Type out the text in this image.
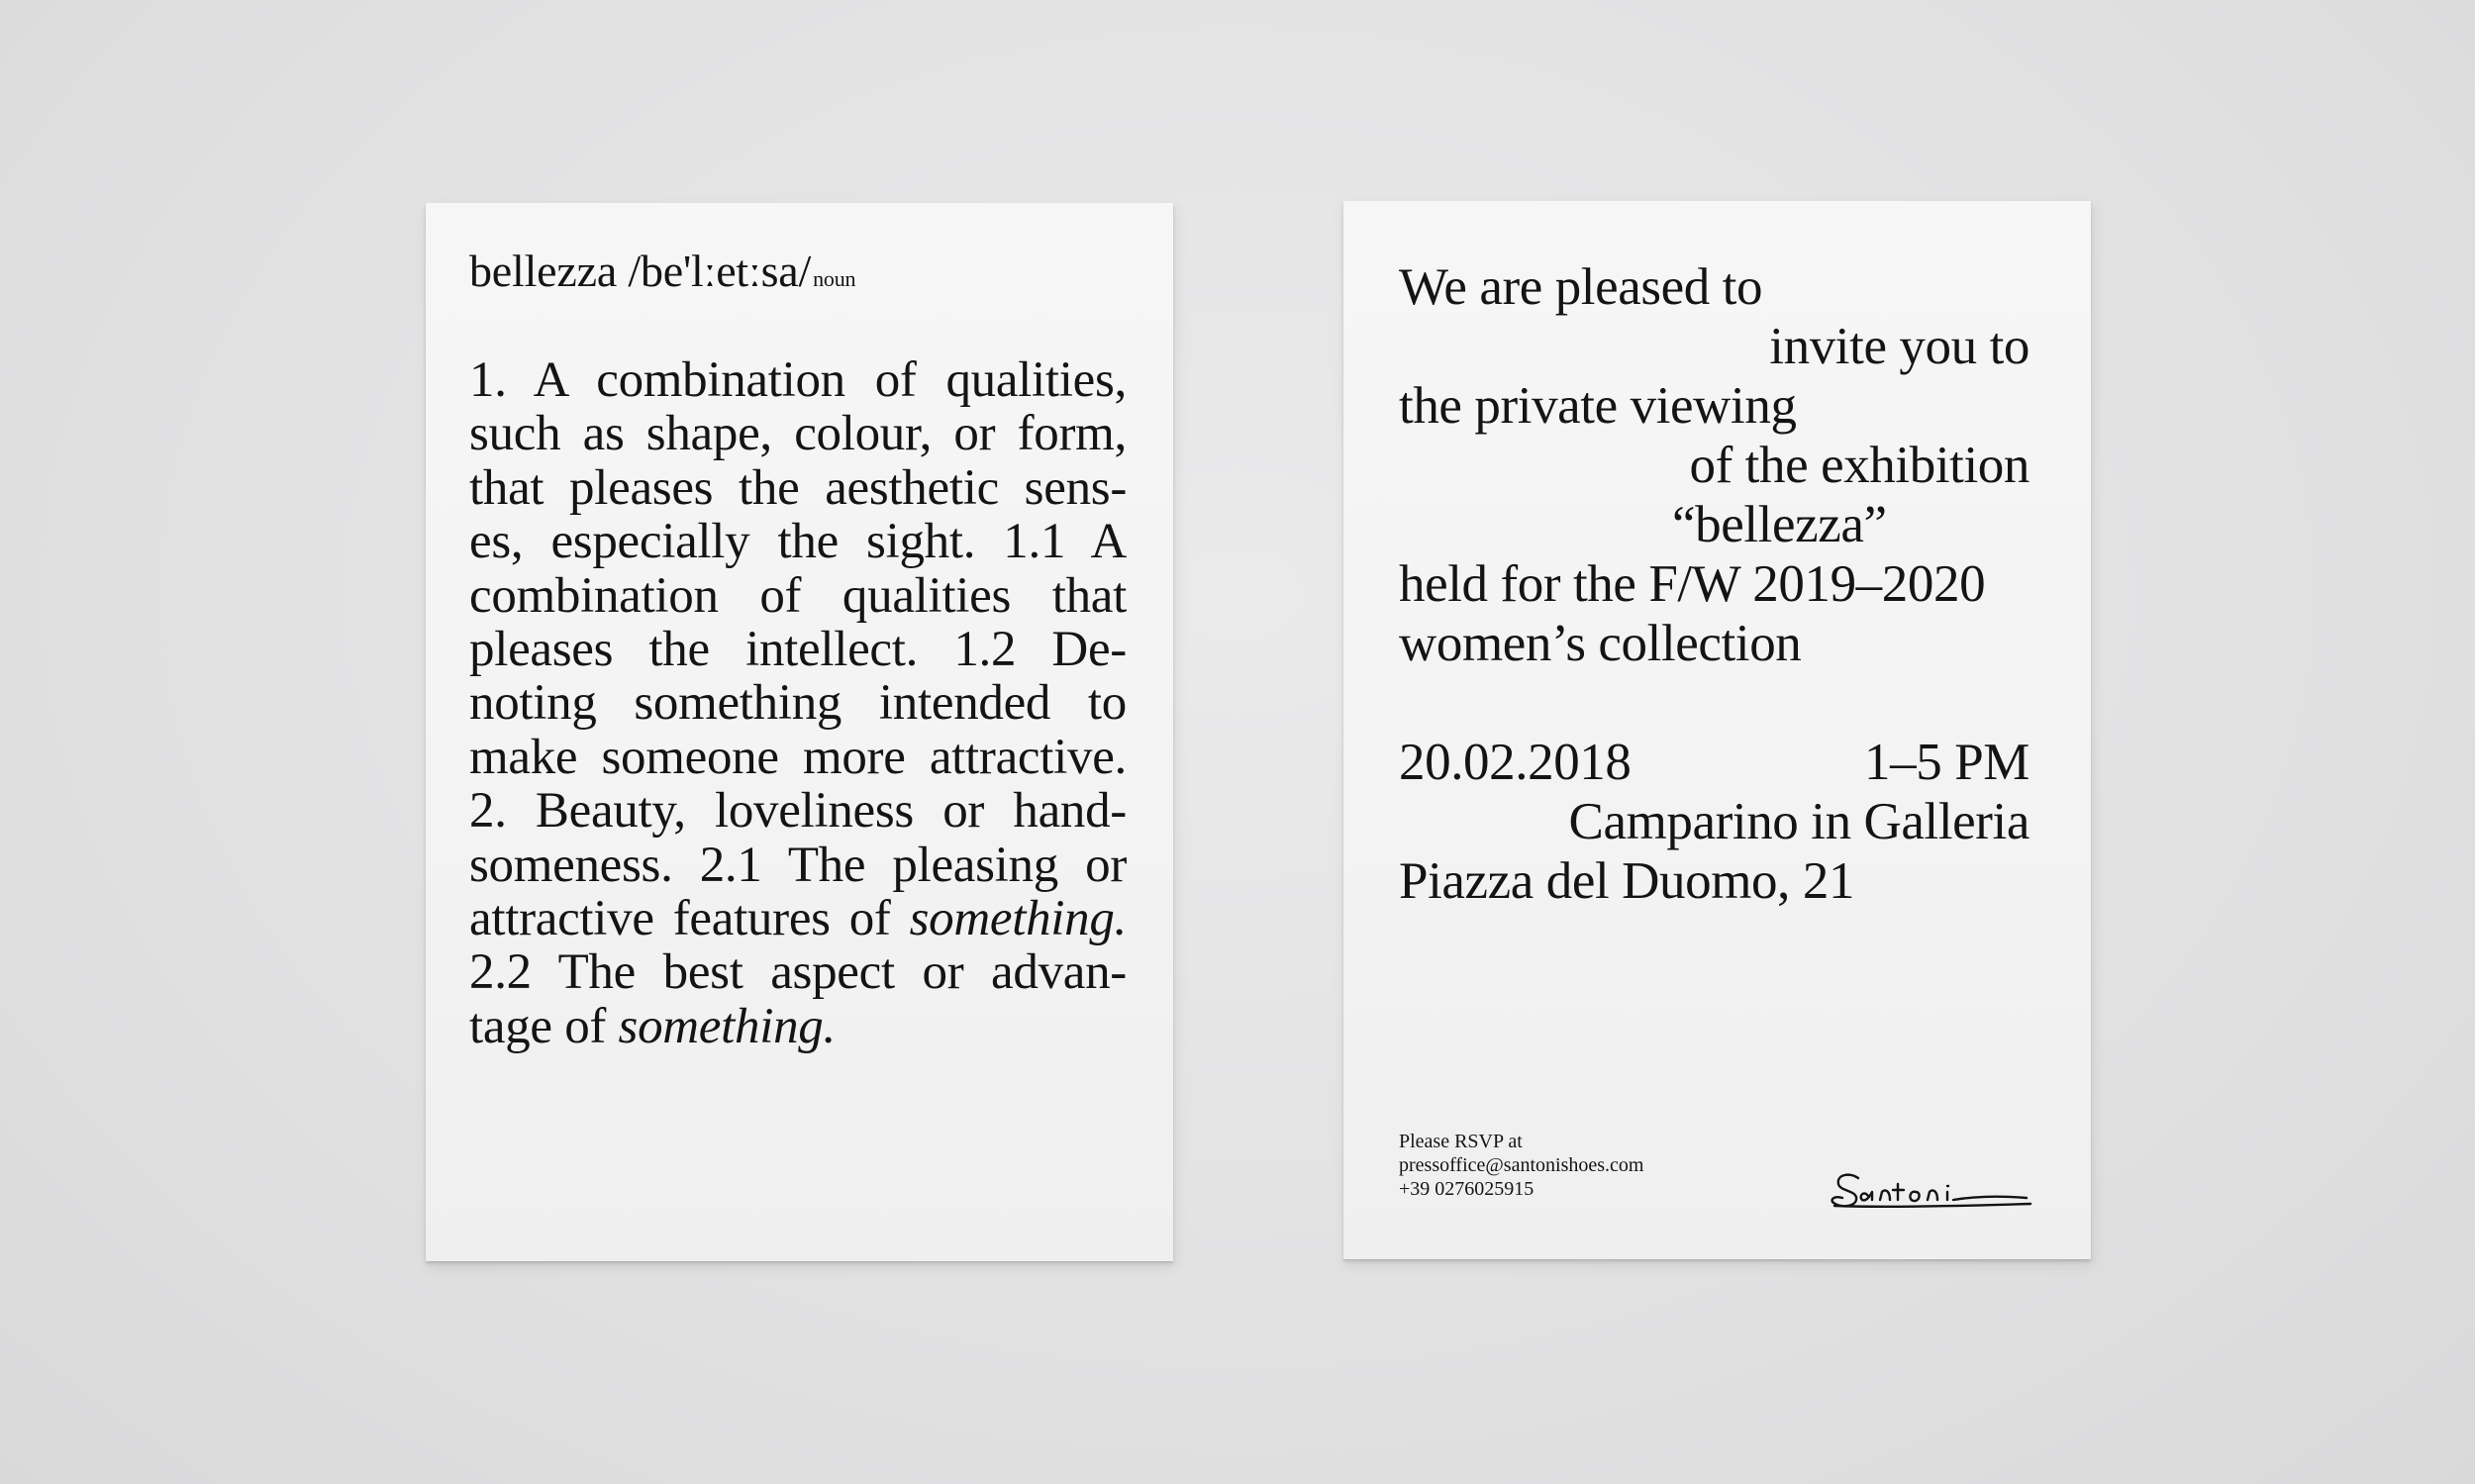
bellezza /be'lːetːsa/noun
1. A combination of qualities,
such as shape, colour, or form,
that pleases the aesthetic sens-
es, especially the sight. 1.1 A
combination of qualities that
pleases the intellect. 1.2 De-
noting something intended to
make someone more attractive.
2. Beauty, loveliness or hand-
someness. 2.1 The pleasing or
attractive features of something.
2.2 The best aspect or advan-
tage of something.
We are pleased to
invite you to
the private viewing
of the exhibition
“bellezza”
held for the F/W 2019–2020
women’s collection
20.02.2018	1–5 PM
Camparino in Galleria
Piazza del Duomo, 21
Please RSVP at
pressoffice@santonishoes.com
+39 0276025915
